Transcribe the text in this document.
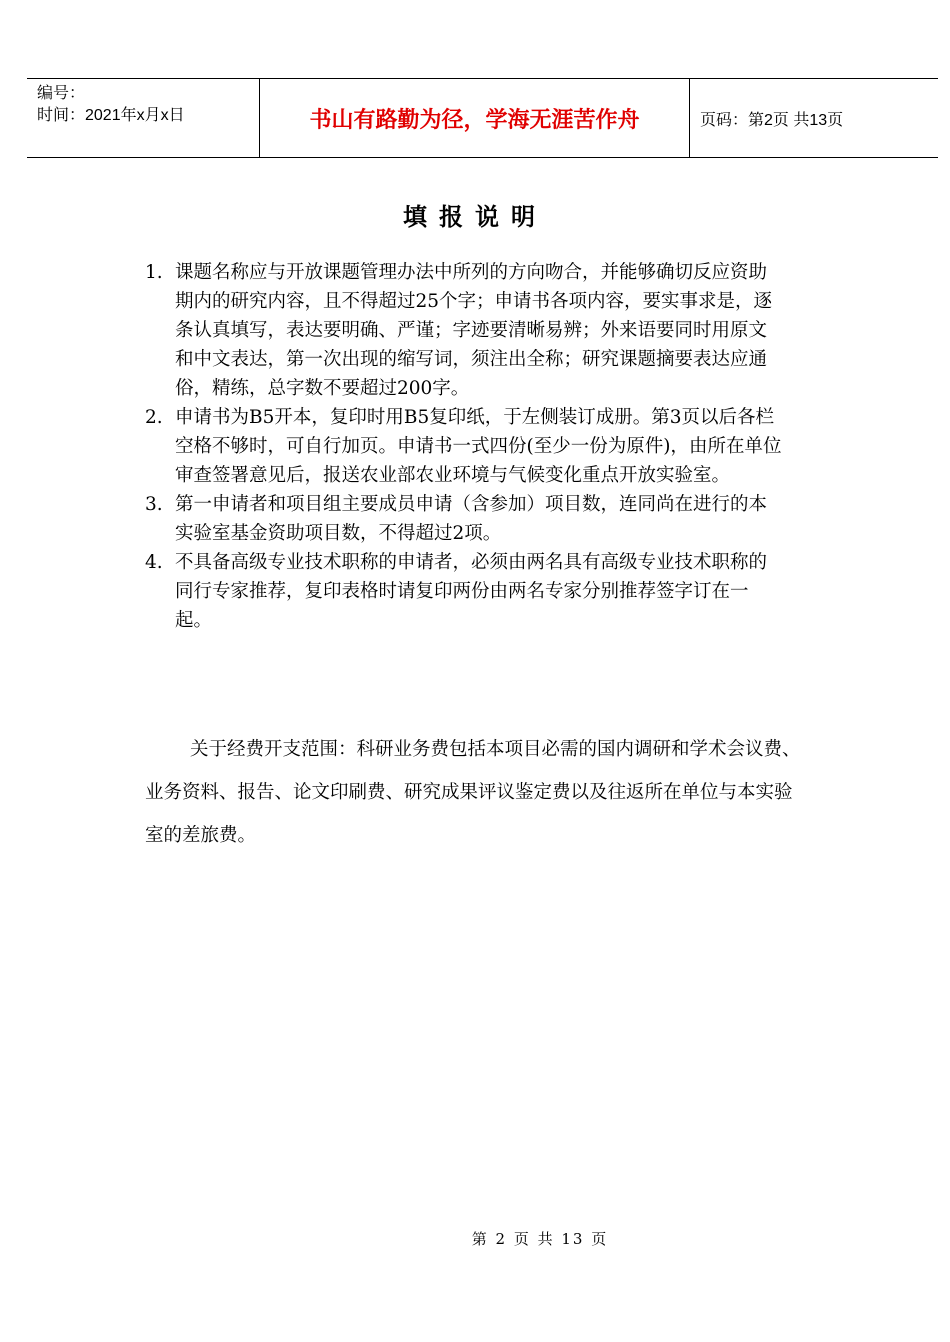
编号：
时间：2021年x月x日	书山有路勤为径，学海无涯苦作舟	页码：第2页 共13页
填报说明
1. 课题名称应与开放课题管理办法中所列的方向吻合，并能够确切反应资助期内的研究内容，且不得超过25个字；申请书各项内容，要实事求是，逐条认真填写，表达要明确、严谨；字迹要清晰易辨；外来语要同时用原文和中文表达，第一次出现的缩写词，须注出全称；研究课题摘要表达应通俗，精练，总字数不要超过200字。
2. 申请书为B5开本，复印时用B5复印纸，于左侧装订成册。第3页以后各栏空格不够时，可自行加页。申请书一式四份(至少一份为原件)，由所在单位审查签署意见后，报送农业部农业环境与气候变化重点开放实验室。
3. 第一申请者和项目组主要成员申请（含参加）项目数，连同尚在进行的本实验室基金资助项目数，不得超过2项。
4. 不具备高级专业技术职称的申请者，必须由两名具有高级专业技术职称的同行专家推荐，复印表格时请复印两份由两名专家分别推荐签字订在一起。

关于经费开支范围：科研业务费包括本项目必需的国内调研和学术会议费、业务资料、报告、论文印刷费、研究成果评议鉴定费以及往返所在单位与本实验室的差旅费。

第 2 页 共 13 页
